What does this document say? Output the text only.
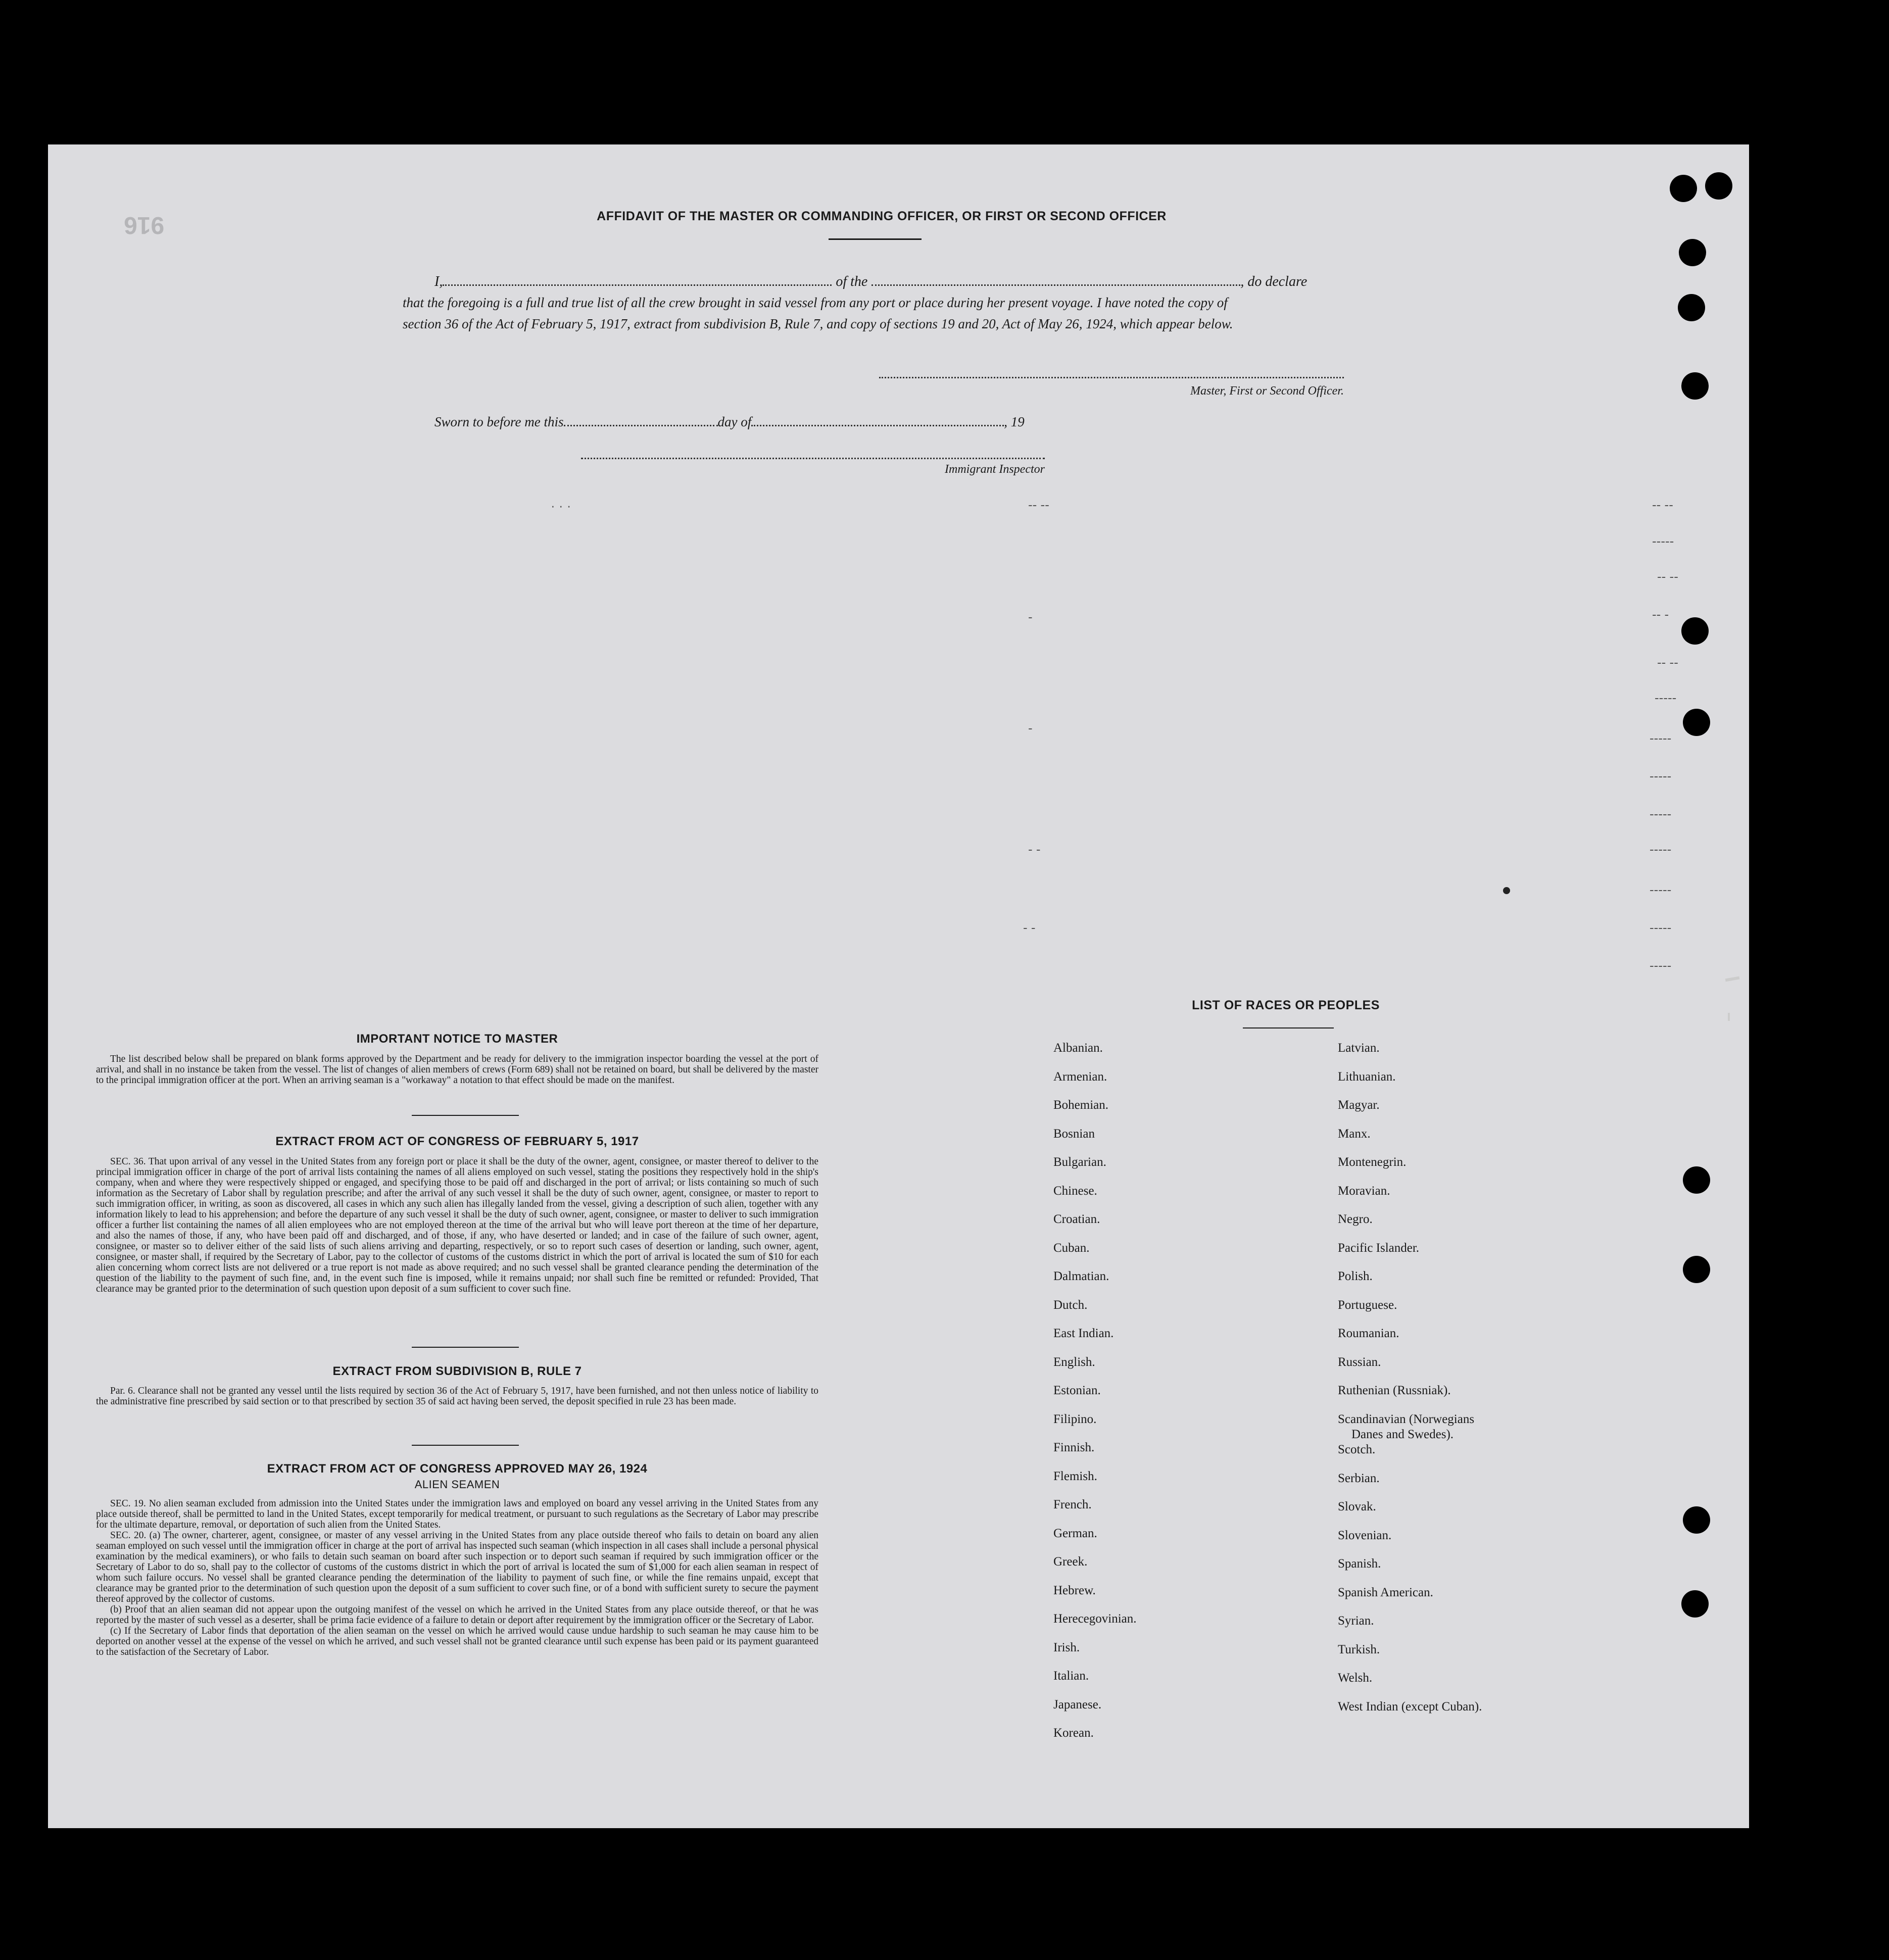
916	AFFIDAVIT OF THE MASTER OR COMMANDING OFFICER, OR FIRST OR SECOND OFFICER
I,	of the	, do declare
that the foregoing is a full and true list of all the crew brought in said vessel from any port or place during her present voyage. I have noted the copy of
section 36 of the Act of February 5, 1917, extract from subdivision B, Rule 7, and copy of sections 19 and 20, Act of May 26, 1924, which appear below.
Master, First or Second Officer.
Sworn to before me this	day of	, 19
Immigrant Inspector
· · ·	-- --	-- --
-----
-- --
-- -
-- --
-----
-----
-----
-----
-----
-----
-----
-----
-
-
- -
- -
IMPORTANT NOTICE TO MASTER

The list described below shall be prepared on blank forms approved by the Department and be ready for delivery to the immigration inspector boarding the vessel at the port of arrival, and shall in no instance be taken from the vessel. The list of changes of alien members of crews (Form 689) shall not be retained on board, but shall be delivered by the master to the principal immigration officer at the port. When an arriving seaman is a "workaway" a notation to that effect should be made on the manifest.

EXTRACT FROM ACT OF CONGRESS OF FEBRUARY 5, 1917

SEC. 36. That upon arrival of any vessel in the United States from any foreign port or place it shall be the duty of the owner, agent, consignee, or master thereof to deliver to the principal immigration officer in charge of the port of arrival lists containing the names of all aliens employed on such vessel, stating the positions they respectively hold in the ship's company, when and where they were respectively shipped or engaged, and specifying those to be paid off and discharged in the port of arrival; or lists containing so much of such information as the Secretary of Labor shall by regulation prescribe; and after the arrival of any such vessel it shall be the duty of such owner, agent, consignee, or master to report to such immigration officer, in writing, as soon as discovered, all cases in which any such alien has illegally landed from the vessel, giving a description of such alien, together with any information likely to lead to his apprehension; and before the departure of any such vessel it shall be the duty of such owner, agent, consignee, or master to deliver to such immigration officer a further list containing the names of all alien employees who are not employed thereon at the time of the arrival but who will leave port thereon at the time of her departure, and also the names of those, if any, who have been paid off and discharged, and of those, if any, who have deserted or landed; and in case of the failure of such owner, agent, consignee, or master so to deliver either of the said lists of such aliens arriving and departing, respectively, or so to report such cases of desertion or landing, such owner, agent, consignee, or master shall, if required by the Secretary of Labor, pay to the collector of customs of the customs district in which the port of arrival is located the sum of $10 for each alien concerning whom correct lists are not delivered or a true report is not made as above required; and no such vessel shall be granted clearance pending the determination of the question of the liability to the payment of such fine, and, in the event such fine is imposed, while it remains unpaid; nor shall such fine be remitted or refunded: Provided, That clearance may be granted prior to the determination of such question upon deposit of a sum sufficient to cover such fine.

EXTRACT FROM SUBDIVISION B, RULE 7

Par. 6. Clearance shall not be granted any vessel until the lists required by section 36 of the Act of February 5, 1917, have been furnished, and not then unless notice of liability to the administrative fine prescribed by said section or to that prescribed by section 35 of said act having been served, the deposit specified in rule 23 has been made.

EXTRACT FROM ACT OF CONGRESS APPROVED MAY 26, 1924
ALIEN SEAMEN

SEC. 19. No alien seaman excluded from admission into the United States under the immigration laws and employed on board any vessel arriving in the United States from any place outside thereof, shall be permitted to land in the United States, except temporarily for medical treatment, or pursuant to such regulations as the Secretary of Labor may prescribe for the ultimate departure, removal, or deportation of such alien from the United States.

SEC. 20. (a) The owner, charterer, agent, consignee, or master of any vessel arriving in the United States from any place outside thereof who fails to detain on board any alien seaman employed on such vessel until the immigration officer in charge at the port of arrival has inspected such seaman (which inspection in all cases shall include a personal physical examination by the medical examiners), or who fails to detain such seaman on board after such inspection or to deport such seaman if required by such immigration officer or the Secretary of Labor to do so, shall pay to the collector of customs of the customs district in which the port of arrival is located the sum of $1,000 for each alien seaman in respect of whom such failure occurs. No vessel shall be granted clearance pending the determination of the liability to payment of such fine, or while the fine remains unpaid, except that clearance may be granted prior to the determination of such question upon the deposit of a sum sufficient to cover such fine, or of a bond with sufficient surety to secure the payment thereof approved by the collector of customs.

(b) Proof that an alien seaman did not appear upon the outgoing manifest of the vessel on which he arrived in the United States from any place outside thereof, or that he was reported by the master of such vessel as a deserter, shall be prima facie evidence of a failure to detain or deport after requirement by the immigration officer or the Secretary of Labor.

(c) If the Secretary of Labor finds that deportation of the alien seaman on the vessel on which he arrived would cause undue hardship to such seaman he may cause him to be deported on another vessel at the expense of the vessel on which he arrived, and such vessel shall not be granted clearance until such expense has been paid or its payment guaranteed to the satisfaction of the Secretary of Labor.

LIST OF RACES OR PEOPLES
Albanian.
Armenian.
Bohemian.
Bosnian
Bulgarian.
Chinese.
Croatian.
Cuban.
Dalmatian.
Dutch.
East Indian.
English.
Estonian.
Filipino.
Finnish.
Flemish.
French.
German.
Greek.
Hebrew.
Herecegovinian.
Irish.
Italian.
Japanese.
Korean.
Latvian.
Lithuanian.
Magyar.
Manx.
Montenegrin.
Moravian.
Negro.
Pacific Islander.
Polish.
Portuguese.
Roumanian.
Russian.
Ruthenian (Russniak).
Scandinavian (Norwegians
Danes and Swedes).
Scotch.
Serbian.
Slovak.
Slovenian.
Spanish.
Spanish American.
Syrian.
Turkish.
Welsh.
West Indian (except Cuban).
